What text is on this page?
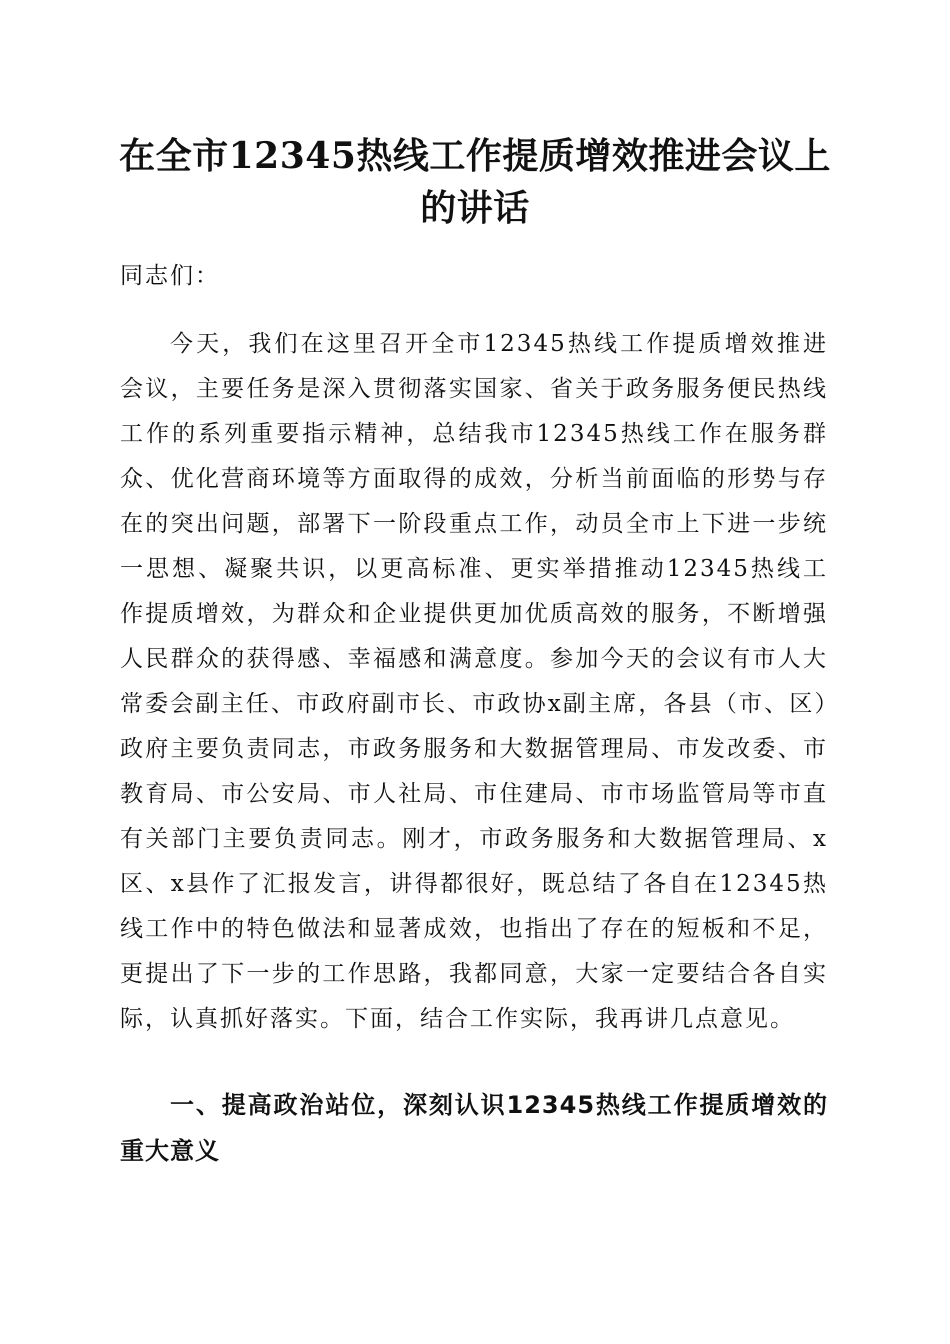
在全市12345热线工作提质增效推进会议上的讲话

同志们：

今天，我们在这里召开全市12345热线工作提质增效推进会议，主要任务是深入贯彻落实国家、省关于政务服务便民热线工作的系列重要指示精神，总结我市12345热线工作在服务群众、优化营商环境等方面取得的成效，分析当前面临的形势与存在的突出问题，部署下一阶段重点工作，动员全市上下进一步统一思想、凝聚共识，以更高标准、更实举措推动12345热线工作提质增效，为群众和企业提供更加优质高效的服务，不断增强人民群众的获得感、幸福感和满意度。参加今天的会议有市人大常委会副主任、市政府副市长、市政协x副主席，各县（市、区）政府主要负责同志，市政务服务和大数据管理局、市发改委、市教育局、市公安局、市人社局、市住建局、市市场监管局等市直有关部门主要负责同志。刚才，市政务服务和大数据管理局、x区、x县作了汇报发言，讲得都很好，既总结了各自在12345热线工作中的特色做法和显著成效，也指出了存在的短板和不足，更提出了下一步的工作思路，我都同意，大家一定要结合各自实际，认真抓好落实。下面，结合工作实际，我再讲几点意见。

一、提高政治站位，深刻认识12345热线工作提质增效的重大意义
